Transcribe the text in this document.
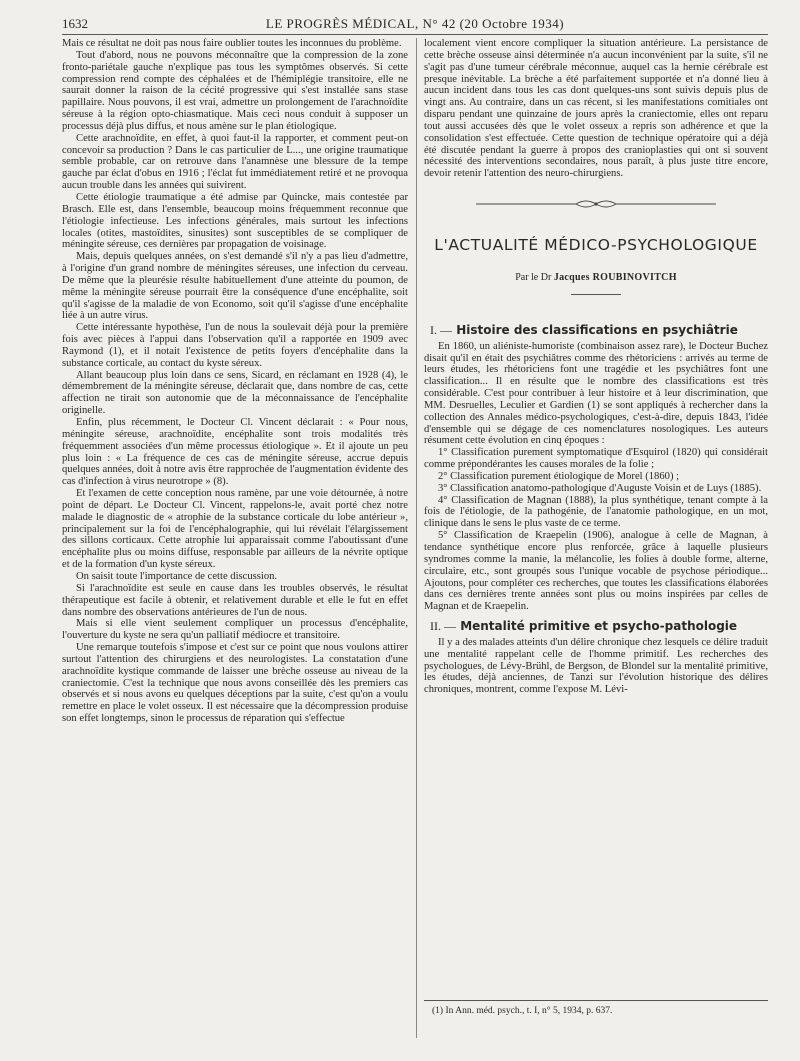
1632	LE PROGRÈS MÉDICAL, N° 42 (20 Octobre 1934)

Mais ce résultat ne doit pas nous faire oublier toutes les inconnues du problème.

Tout d'abord, nous ne pouvons méconnaître que la compression de la zone fronto-pariétale gauche n'explique pas tous les symptômes observés. Si cette compression rend compte des céphalées et de l'hémiplégie transitoire, elle ne saurait donner la raison de la cécité progressive qui s'est installée sans stase papillaire. Nous pouvons, il est vrai, admettre un prolongement de l'arachnoïdite séreuse à la région opto-chiasmatique. Mais ceci nous conduit à supposer un processus déjà plus diffus, et nous amène sur le plan étiologique.

Cette arachnoïdite, en effet, à quoi faut-il la rapporter, et comment peut-on concevoir sa production ? Dans le cas particulier de L..., une origine traumatique semble probable, car on retrouve dans l'anamnèse une blessure de la tempe gauche par éclat d'obus en 1916 ; l'éclat fut immédiatement retiré et ne provoqua aucun trouble dans les années qui suivirent.

Cette étiologie traumatique a été admise par Quincke, mais contestée par Brasch. Elle est, dans l'ensemble, beaucoup moins fréquemment reconnue que l'étiologie infectieuse. Les infections générales, mais surtout les infections locales (otites, mastoïdites, sinusites) sont susceptibles de se compliquer de méningite séreuse, ces dernières par propagation de voisinage.

Mais, depuis quelques années, on s'est demandé s'il n'y a pas lieu d'admettre, à l'origine d'un grand nombre de méningites séreuses, une infection du cerveau. De même que la pleurésie résulte habituellement d'une atteinte du poumon, de même la méningite séreuse pourrait être la conséquence d'une encéphalite, soit qu'il s'agisse de la maladie de von Economo, soit qu'il s'agisse d'une encéphalite liée à un autre virus.

Cette intéressante hypothèse, l'un de nous la soulevait déjà pour la première fois avec pièces à l'appui dans l'observation qu'il a rapportée en 1909 avec Raymond (1), et il notait l'existence de petits foyers d'encéphalite dans la substance corticale, au contact du kyste séreux.

Allant beaucoup plus loin dans ce sens, Sicard, en réclamant en 1928 (4), le démembrement de la méningite séreuse, déclarait que, dans nombre de cas, cette affection ne tirait son autonomie que de la méconnaissance de l'encéphalite originelle.

Enfin, plus récemment, le Docteur Cl. Vincent déclarait : « Pour nous, méningite séreuse, arachnoïdite, encéphalite sont trois modalités très fréquemment associées d'un même processus étiologique ». Et il ajoute un peu plus loin : « La fréquence de ces cas de méningite séreuse, accrue depuis quelques années, doit à notre avis être rapprochée de l'augmentation évidente des cas d'infection à virus neurotrope » (8).

Et l'examen de cette conception nous ramène, par une voie détournée, à notre point de départ. Le Docteur Cl. Vincent, rappelons-le, avait porté chez notre malade le diagnostic de « atrophie de la substance corticale du lobe antérieur », principalement sur la foi de l'encéphalographie, qui lui révélait l'élargissement des sillons corticaux. Cette atrophie lui apparaissait comme l'aboutissant d'une encéphalite plus ou moins diffuse, responsable par ailleurs de la névrite optique et de la formation d'un kyste séreux.

On saisit toute l'importance de cette discussion.

Si l'arachnoïdite est seule en cause dans les troubles observés, le résultat thérapeutique est facile à obtenir, et relativement durable et elle le fut en effet dans nombre des observations antérieures de l'un de nous.

Mais si elle vient seulement compliquer un processus d'encéphalite, l'ouverture du kyste ne sera qu'un palliatif médiocre et transitoire.

Une remarque toutefois s'impose et c'est sur ce point que nous voulons attirer surtout l'attention des chirurgiens et des neurologistes. La constatation d'une arachnoïdite kystique commande de laisser une brèche osseuse au niveau de la craniectomie. C'est la technique que nous avons conseillée dès les premiers cas observés et si nous avons eu quelques déceptions par la suite, c'est qu'on a voulu remettre en place le volet osseux. Il est nécessaire que la décompression produise son effet longtemps, sinon le processus de réparation qui s'effectue

localement vient encore compliquer la situation antérieure. La persistance de cette brèche osseuse ainsi déterminée n'a aucun inconvénient par la suite, s'il ne s'agit pas d'une tumeur cérébrale méconnue, auquel cas la hernie cérébrale est presque inévitable. La brèche a été parfaitement supportée et n'a donné lieu à aucun incident dans tous les cas dont quelques-uns sont suivis depuis plus de vingt ans. Au contraire, dans un cas récent, si les manifestations comitiales ont disparu pendant une quinzaine de jours après la craniectomie, elles ont reparu tout aussi accusées dès que le volet osseux a repris son adhérence et que la consolidation s'est effectuée. Cette question de technique opératoire qui a déjà été discutée pendant la guerre à propos des cranioplasties qui ont si souvent nécessité des interventions secondaires, nous paraît, à plus juste titre encore, devoir retenir l'attention des neuro-chirurgiens.

L'ACTUALITÉ MÉDICO-PSYCHOLOGIQUE
Par le Dr Jacques ROUBINOVITCH
I. — Histoire des classifications en psychiâtrie

En 1860, un aliéniste-humoriste (combinaison assez rare), le Docteur Buchez disait qu'il en était des psychiâtres comme des rhétoriciens : arrivés au terme de leurs études, les rhétoriciens font une tragédie et les psychiâtres font une classification... Il en résulte que le nombre des classifications est très considérable. C'est pour contribuer à leur histoire et à leur discrimination, que MM. Desruelles, Leculier et Gardien (1) se sont appliqués à rechercher dans la collection des Annales médico-psychologiques, c'est-à-dire, depuis 1843, l'idée d'ensemble qui se dégage de ces nomenclatures nosologiques. Les auteurs résument cette évolution en cinq époques :

1° Classification purement symptomatique d'Esquirol (1820) qui considérait comme prépondérantes les causes morales de la folie ;

2° Classification purement étiologique de Morel (1860) ;

3° Classification anatomo-pathologique d'Auguste Voisin et de Luys (1885).

4° Classification de Magnan (1888), la plus synthétique, tenant compte à la fois de l'étiologie, de la pathogénie, de l'anatomie pathologique, en un mot, clinique dans le sens le plus vaste de ce terme.

5° Classification de Kraepelin (1906), analogue à celle de Magnan, à tendance synthétique encore plus renforcée, grâce à laquelle plusieurs syndromes comme la manie, la mélancolie, les folies à double forme, alterne, circulaire, etc., sont groupés sous l'unique vocable de psychose périodique... Ajoutons, pour compléter ces recherches, que toutes les classifications élaborées dans ces dernières trente années sont plus ou moins inspirées par celles de Magnan et de Kraepelin.

II. — Mentalité primitive et psycho-pathologie

Il y a des malades atteints d'un délire chronique chez lesquels ce délire traduit une mentalité rappelant celle de l'homme primitif. Les recherches des psychologues, de Lévy-Brühl, de Bergson, de Blondel sur la mentalité primitive, les études, déjà anciennes, de Tanzi sur l'évolution historique des délires chroniques, montrent, comme l'expose M. Lévi-

(1) In Ann. méd. psych., t. I, n° 5, 1934, p. 637.
